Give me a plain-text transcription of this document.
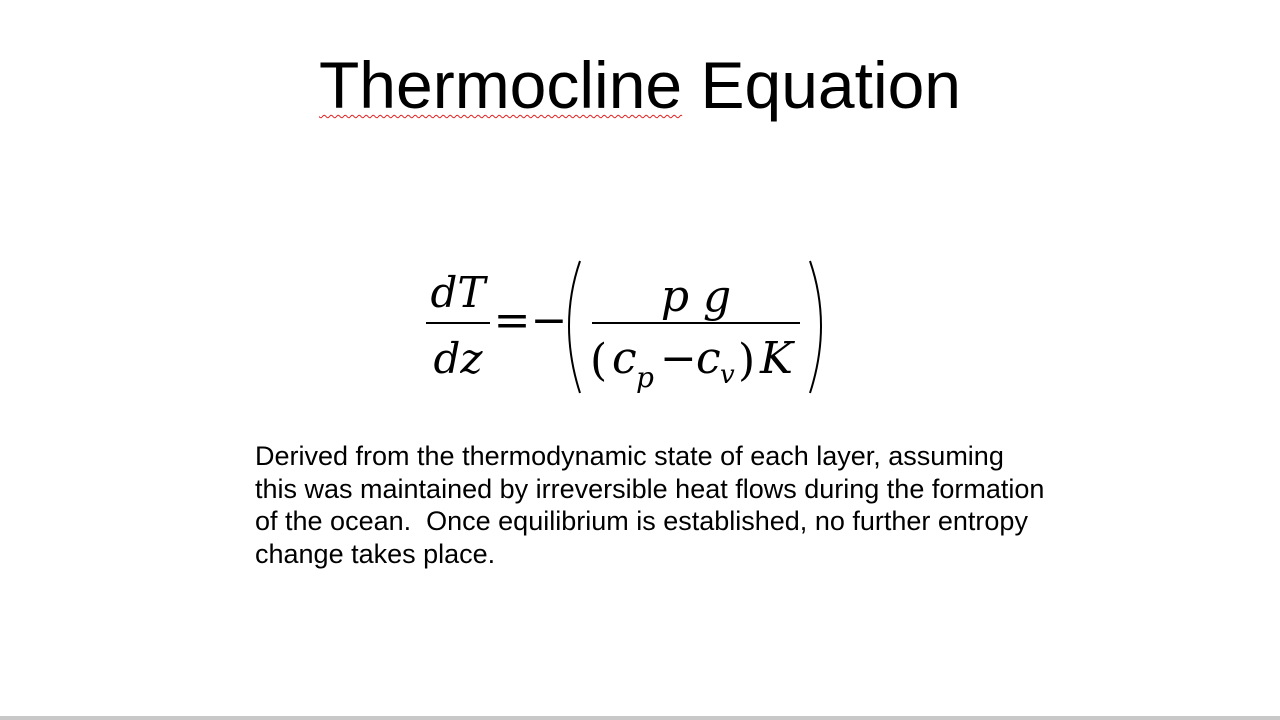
Thermocline Equation
dT
dz
= − p g
( c p − c v ) K
Derived from the thermodynamic state of each layer, assuming
this was maintained by irreversible heat flows during the formation
of the ocean.  Once equilibrium is established, no further entropy
change takes place.
